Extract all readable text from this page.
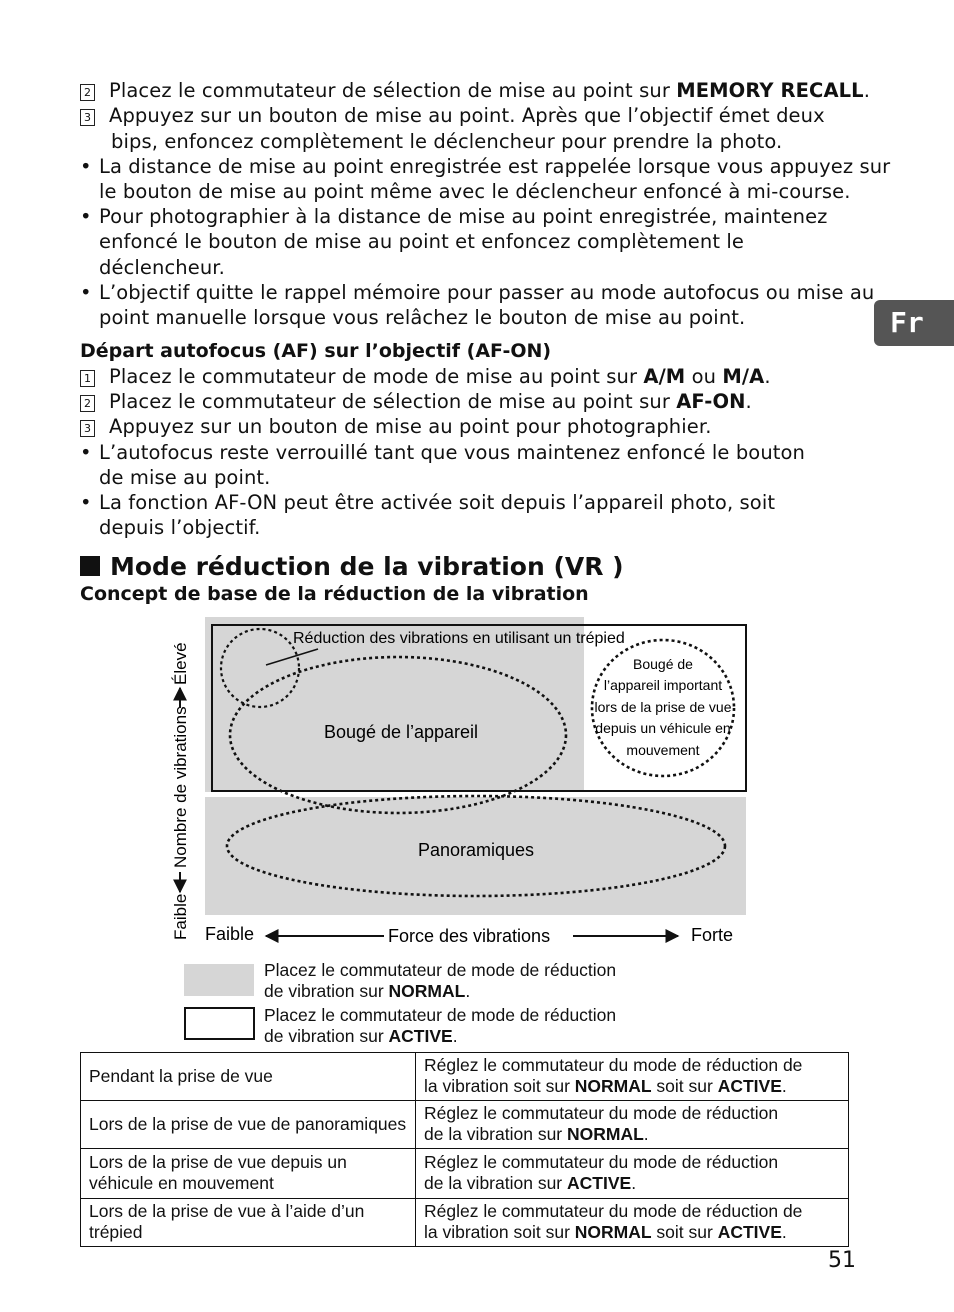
Fr
2 Placez le commutateur de sélection de mise au point sur MEMORY RECALL.
3 Appuyez sur un bouton de mise au point. Après que l’objectif émet deux
bips, enfoncez complètement le déclencheur pour prendre la photo.
• La distance de mise au point enregistrée est rappelée lorsque vous appuyez sur
le bouton de mise au point même avec le déclencheur enfoncé à mi-course.
• Pour photographier à la distance de mise au point enregistrée, maintenez
enfoncé le bouton de mise au point et enfoncez complètement le
déclencheur.
• L’objectif quitte le rappel mémoire pour passer au mode autofocus ou mise au
point manuelle lorsque vous relâchez le bouton de mise au point.
Départ autofocus (AF) sur l’objectif (AF-ON)
1 Placez le commutateur de mode de mise au point sur A/M ou M/A.
2 Placez le commutateur de sélection de mise au point sur AF-ON.
3 Appuyez sur un bouton de mise au point pour photographier.
• L’autofocus reste verrouillé tant que vous maintenez enfoncé le bouton
de mise au point.
• La fonction AF-ON peut être activée soit depuis l’appareil photo, soit
depuis l’objectif.
Mode réduction de la vibration (VR )
Concept de base de la réduction de la vibration
Réduction des vibrations en utilisant un trépied
Bougé de l’appareil
Panoramiques
Bougé de
l’appareil important
lors de la prise de vue
depuis un véhicule en
mouvement
Faible
Nombre de vibrations
Élevé
Faible	Force des vibrations	Forte
Placez le commutateur de mode de réduction
de vibration sur NORMAL.
Placez le commutateur de mode de réduction
de vibration sur ACTIVE.
Pendant la prise de vue	Réglez le commutateur du mode de réduction de
la vibration soit sur NORMAL soit sur ACTIVE.

Lors de la prise de vue de panoramiques	Réglez le commutateur du mode de réduction
de la vibration sur NORMAL.

Lors de la prise de vue depuis un véhicule en mouvement	Réglez le commutateur du mode de réduction
de la vibration sur ACTIVE.

Lors de la prise de vue à l’aide d’un trépied	Réglez le commutateur du mode de réduction de
la vibration soit sur NORMAL soit sur ACTIVE.
51
